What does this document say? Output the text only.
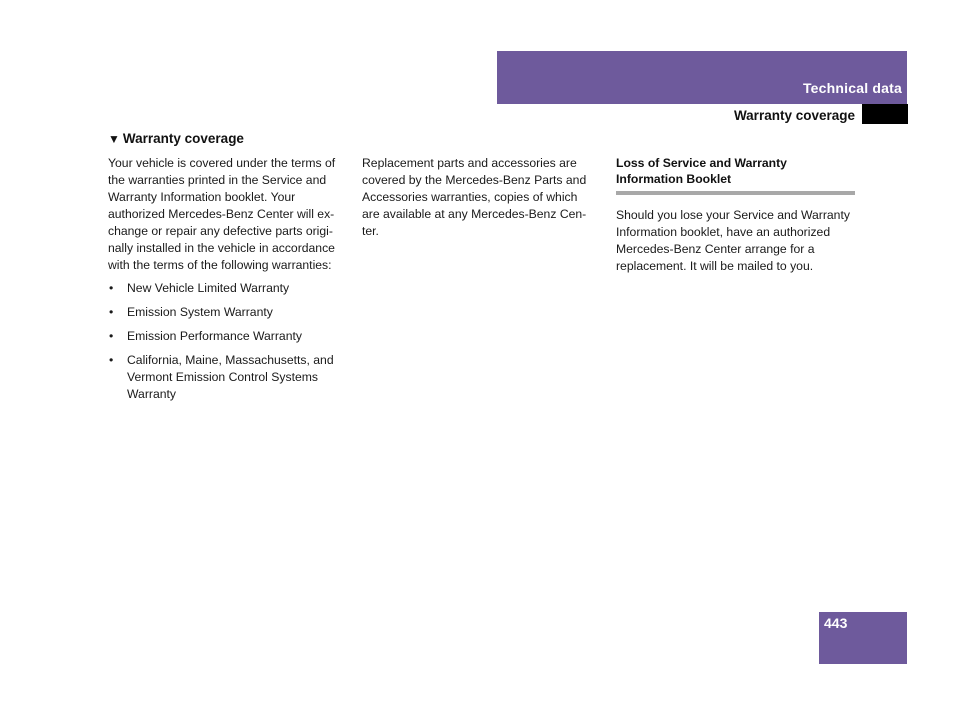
Technical data
Warranty coverage
▼ Warranty coverage

Your vehicle is covered under the terms of
the warranties printed in the Service and
Warranty Information booklet. Your
authorized Mercedes-Benz Center will ex-
change or repair any defective parts origi-
nally installed in the vehicle in accordance
with the terms of the following warranties:

• New Vehicle Limited Warranty
• Emission System Warranty
• Emission Performance Warranty
• California, Maine, Massachusetts, and
Vermont Emission Control Systems
Warranty

Replacement parts and accessories are
covered by the Mercedes-Benz Parts and
Accessories warranties, copies of which
are available at any Mercedes-Benz Cen-
ter.

Loss of Service and Warranty
Information Booklet

Should you lose your Service and Warranty
Information booklet, have an authorized
Mercedes-Benz Center arrange for a
replacement. It will be mailed to you.

443
